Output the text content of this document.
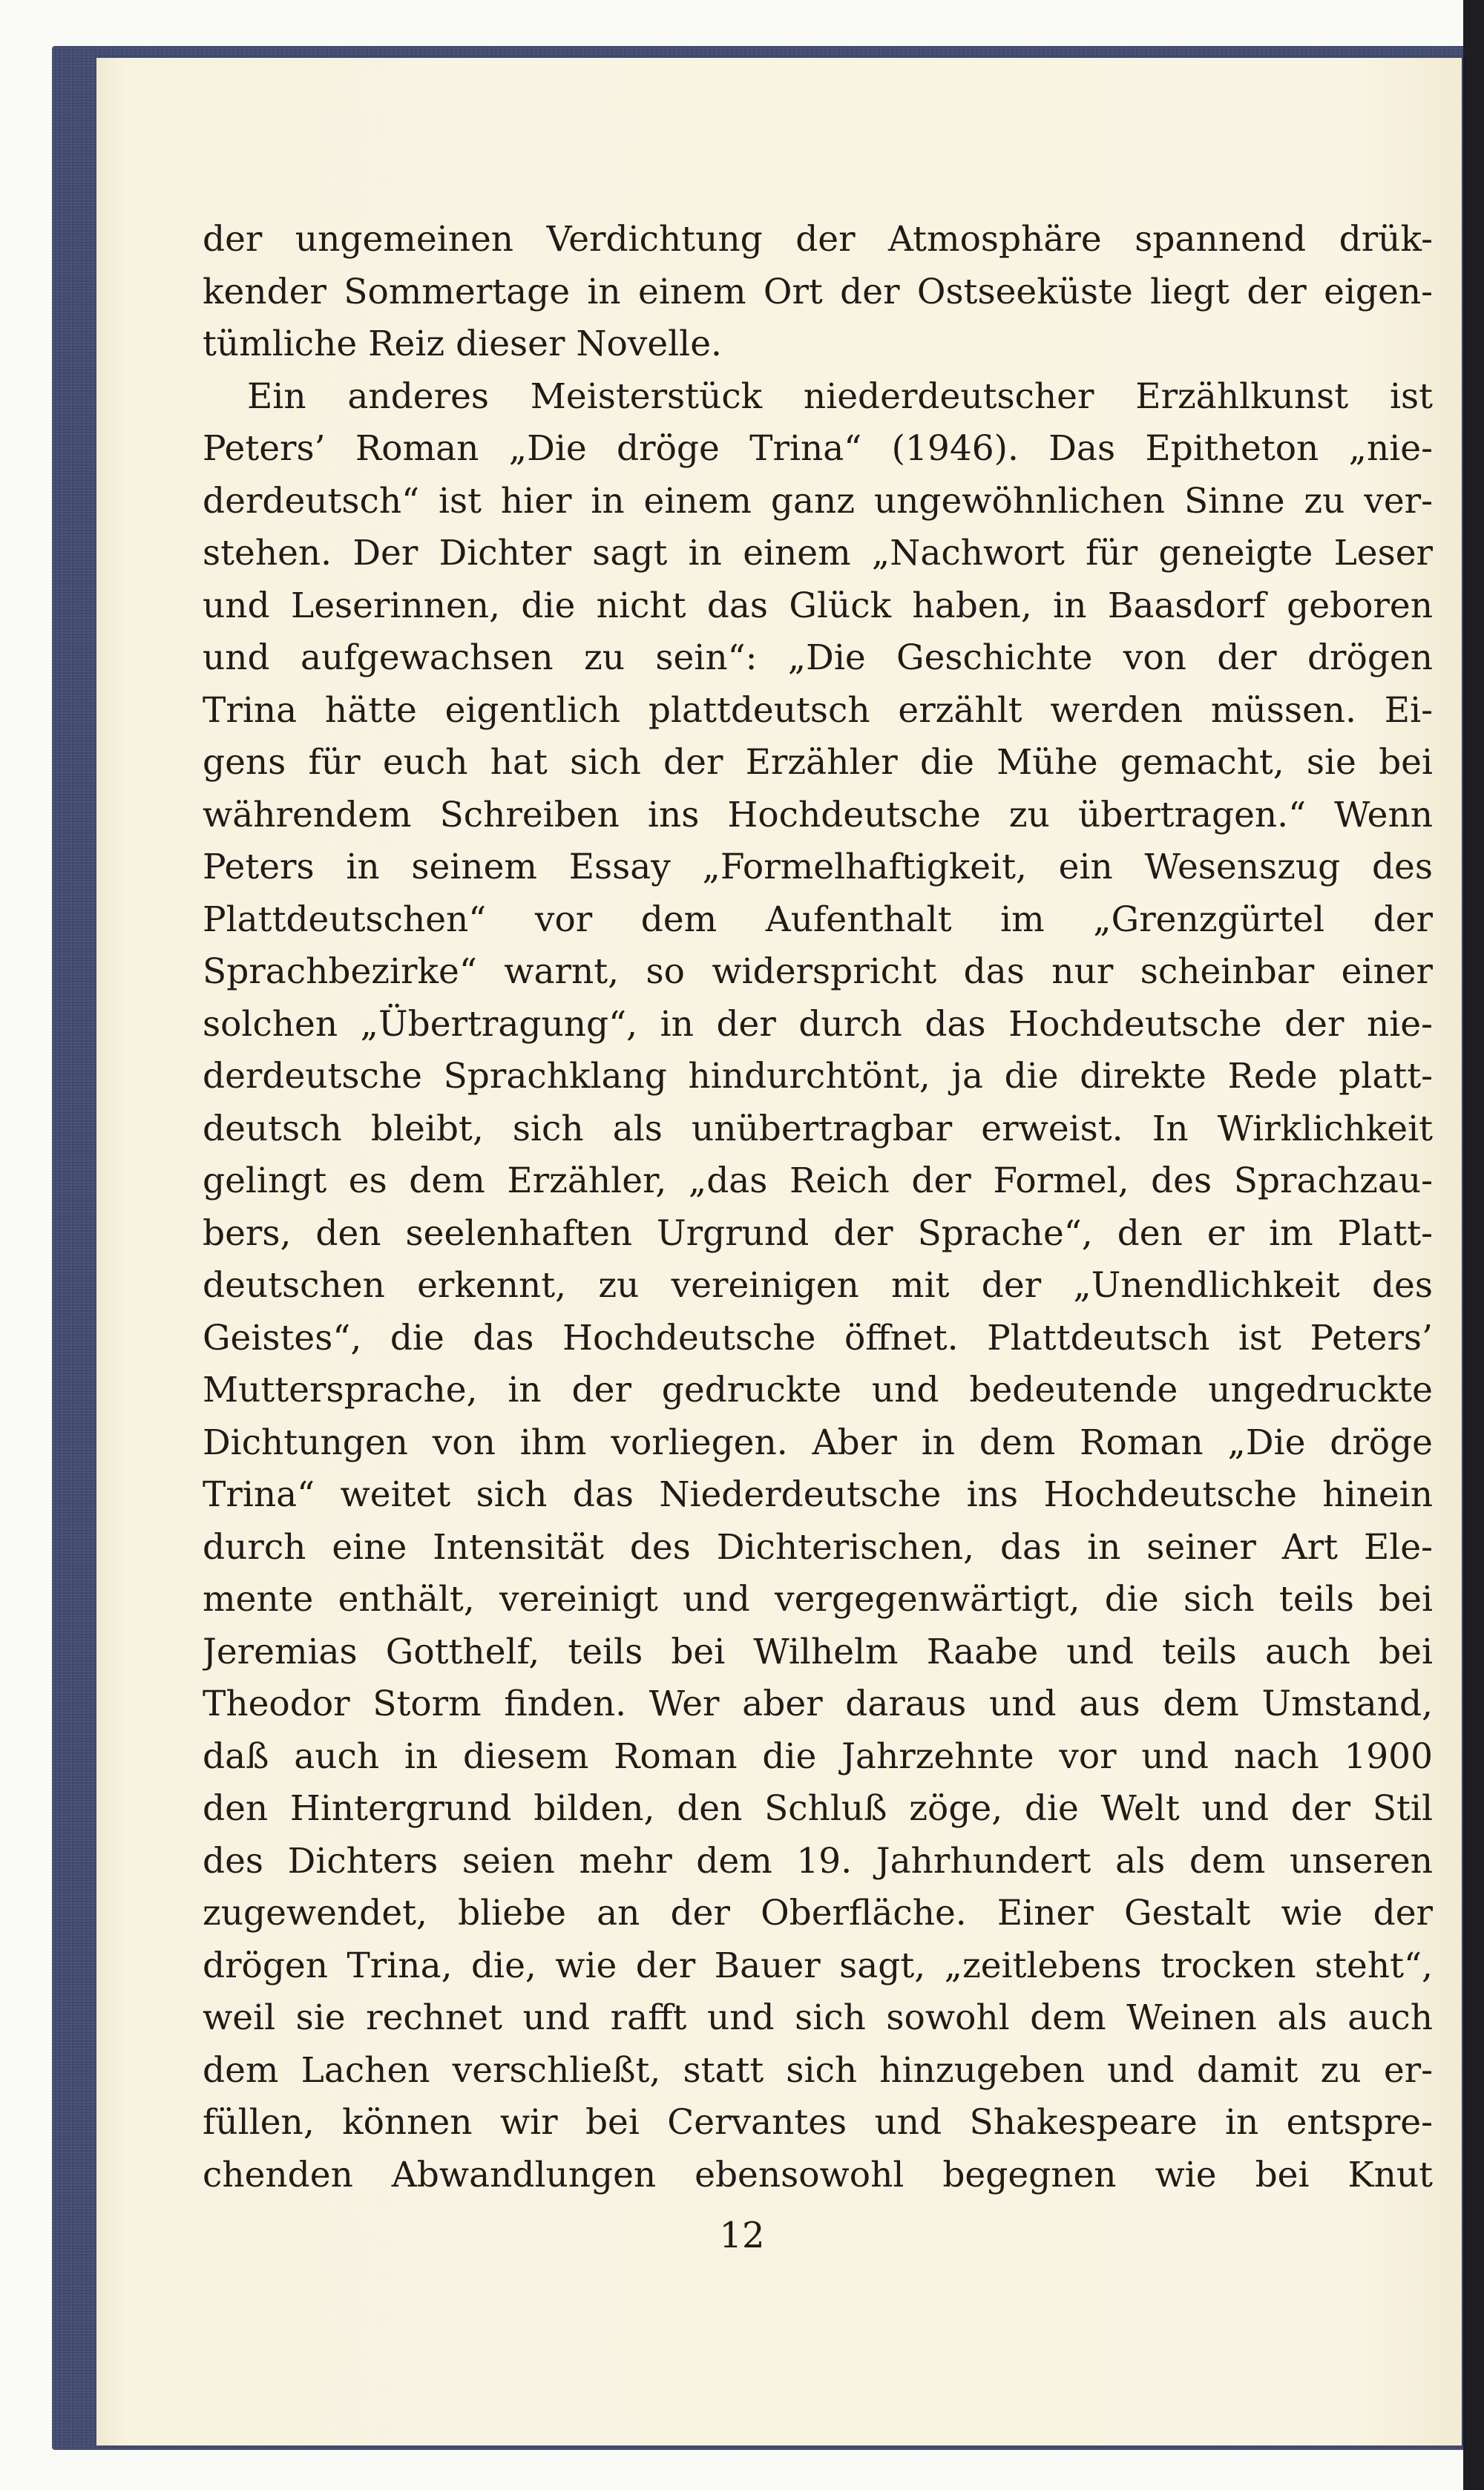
der ungemeinen Verdichtung der Atmosphäre spannend drük-
kender Sommertage in einem Ort der Ostseeküste liegt der eigen-
tümliche Reiz dieser Novelle.
Ein anderes Meisterstück niederdeutscher Erzählkunst ist
Peters’ Roman „Die dröge Trina“ (1946). Das Epitheton „nie-
derdeutsch“ ist hier in einem ganz ungewöhnlichen Sinne zu ver-
stehen. Der Dichter sagt in einem „Nachwort für geneigte Leser
und Leserinnen, die nicht das Glück haben, in Baasdorf geboren
und aufgewachsen zu sein“: „Die Geschichte von der drögen
Trina hätte eigentlich plattdeutsch erzählt werden müssen. Ei-
gens für euch hat sich der Erzähler die Mühe gemacht, sie bei
währendem Schreiben ins Hochdeutsche zu übertragen.“ Wenn
Peters in seinem Essay „Formelhaftigkeit, ein Wesenszug des
Plattdeutschen“ vor dem Aufenthalt im „Grenzgürtel der
Sprachbezirke“ warnt, so widerspricht das nur scheinbar einer
solchen „Übertragung“, in der durch das Hochdeutsche der nie-
derdeutsche Sprachklang hindurchtönt, ja die direkte Rede platt-
deutsch bleibt, sich als unübertragbar erweist. In Wirklichkeit
gelingt es dem Erzähler, „das Reich der Formel, des Sprachzau-
bers, den seelenhaften Urgrund der Sprache“, den er im Platt-
deutschen erkennt, zu vereinigen mit der „Unendlichkeit des
Geistes“, die das Hochdeutsche öffnet. Plattdeutsch ist Peters’
Muttersprache, in der gedruckte und bedeutende ungedruckte
Dichtungen von ihm vorliegen. Aber in dem Roman „Die dröge
Trina“ weitet sich das Niederdeutsche ins Hochdeutsche hinein
durch eine Intensität des Dichterischen, das in seiner Art Ele-
mente enthält, vereinigt und vergegenwärtigt, die sich teils bei
Jeremias Gotthelf, teils bei Wilhelm Raabe und teils auch bei
Theodor Storm finden. Wer aber daraus und aus dem Umstand,
daß auch in diesem Roman die Jahrzehnte vor und nach 1900
den Hintergrund bilden, den Schluß zöge, die Welt und der Stil
des Dichters seien mehr dem 19. Jahrhundert als dem unseren
zugewendet, bliebe an der Oberfläche. Einer Gestalt wie der
drögen Trina, die, wie der Bauer sagt, „zeitlebens trocken steht“,
weil sie rechnet und rafft und sich sowohl dem Weinen als auch
dem Lachen verschließt, statt sich hinzugeben und damit zu er-
füllen, können wir bei Cervantes und Shakespeare in entspre-
chenden Abwandlungen ebensowohl begegnen wie bei Knut
12
